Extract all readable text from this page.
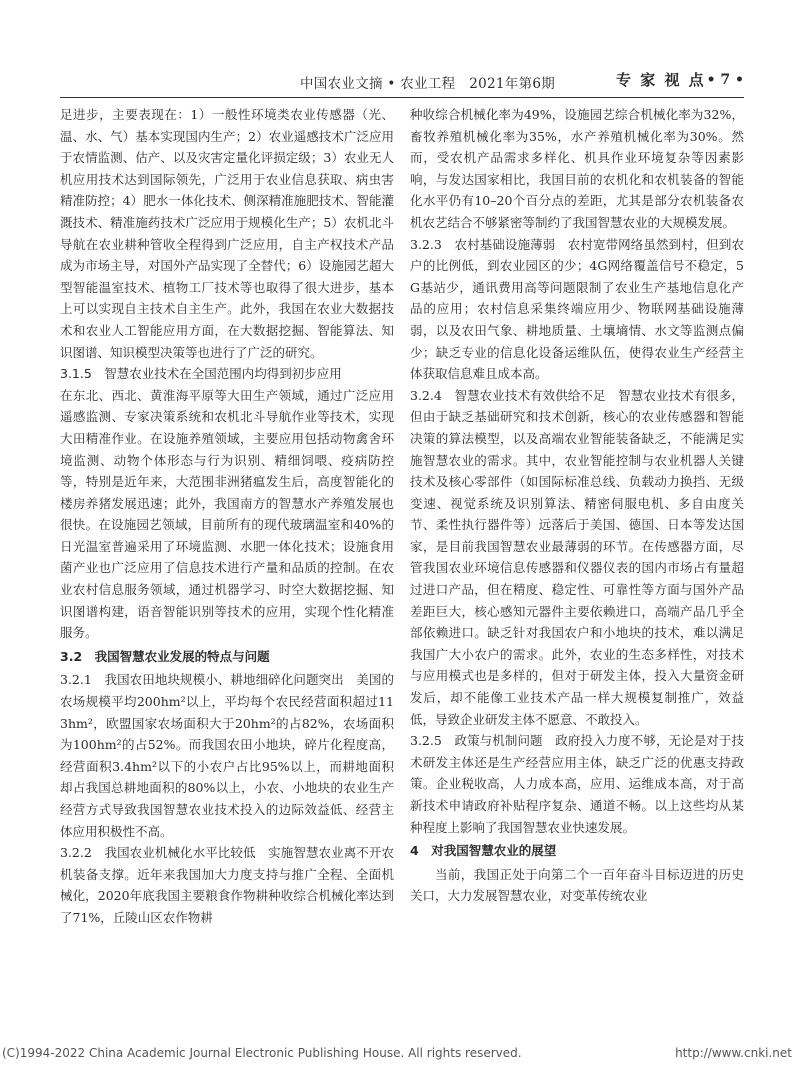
中国农业文摘 • 农业工程　2021年第6期	专 家 视 点 • 7 •

足进步，主要表现在：1）一般性环境类农业传感器（光、温、水、气）基本实现国内生产；2）农业遥感技术广泛应用于农情监测、估产、以及灾害定量化评损定级；3）农业无人机应用技术达到国际领先，广泛用于农业信息获取、病虫害精准防控；4）肥水一体化技术、侧深精准施肥技术、智能灌溉技术、精准施药技术广泛应用于规模化生产；5）农机北斗导航在农业耕种管收全程得到广泛应用，自主产权技术产品成为市场主导，对国外产品实现了全替代；6）设施园艺超大型智能温室技术、植物工厂技术等也取得了很大进步，基本上可以实现自主技术自主生产。此外，我国在农业大数据技术和农业人工智能应用方面，在大数据挖掘、智能算法、知识图谱、知识模型决策等也进行了广泛的研究。

3.1.5　智慧农业技术在全国范围内均得到初步应用

在东北、西北、黄淮海平原等大田生产领域，通过广泛应用遥感监测、专家决策系统和农机北斗导航作业等技术，实现大田精准作业。在设施养殖领域，主要应用包括动物禽舍环境监测、动物个体形态与行为识别、精细饲喂、疫病防控等，特别是近年来，大范围非洲猪瘟发生后，高度智能化的楼房养猪发展迅速；此外，我国南方的智慧水产养殖发展也很快。在设施园艺领域，目前所有的现代玻璃温室和40%的日光温室普遍采用了环境监测、水肥一体化技术；设施食用菌产业也广泛应用了信息技术进行产量和品质的控制。在农业农村信息服务领域，通过机器学习、时空大数据挖掘、知识图谱构建，语音智能识别等技术的应用，实现个性化精准服务。

3.2　我国智慧农业发展的特点与问题

3.2.1　我国农田地块规模小、耕地细碎化问题突出　美国的农场规模平均200hm²以上，平均每个农民经营面积超过113hm²，欧盟国家农场面积大于20hm²的占82%，农场面积为100hm²的占52%。而我国农田小地块，碎片化程度高，经营面积3.4hm²以下的小农户占比95%以上，而耕地面积却占我国总耕地面积的80%以上，小农、小地块的农业生产经营方式导致我国智慧农业技术投入的边际效益低、经营主体应用积极性不高。

3.2.2　我国农业机械化水平比较低　实施智慧农业离不开农机装备支撑。近年来我国加大力度支持与推广全程、全面机械化，2020年底我国主要粮食作物耕种收综合机械化率达到了71%，丘陵山区农作物耕

种收综合机械化率为49%，设施园艺综合机械化率为32%，畜牧养殖机械化率为35%，水产养殖机械化率为30%。然而，受农机产品需求多样化、机具作业环境复杂等因素影响，与发达国家相比，我国目前的农机化和农机装备的智能化水平仍有10–20个百分点的差距，尤其是部分农机装备农机农艺结合不够紧密等制约了我国智慧农业的大规模发展。

3.2.3　农村基础设施薄弱　农村宽带网络虽然到村，但到农户的比例低，到农业园区的少；4G网络覆盖信号不稳定，5G基站少，通讯费用高等问题限制了农业生产基地信息化产品的应用；农村信息采集终端应用少、物联网基础设施薄弱，以及农田气象、耕地质量、土壤墒情、水文等监测点偏少；缺乏专业的信息化设备运维队伍，使得农业生产经营主体获取信息难且成本高。

3.2.4　智慧农业技术有效供给不足　智慧农业技术有很多，但由于缺乏基础研究和技术创新，核心的农业传感器和智能决策的算法模型，以及高端农业智能装备缺乏，不能满足实施智慧农业的需求。其中，农业智能控制与农业机器人关键技术及核心零部件（如国际标准总线、负载动力换挡、无级变速、视觉系统及识别算法、精密伺服电机、多自由度关节、柔性执行器件等）远落后于美国、德国、日本等发达国家，是目前我国智慧农业最薄弱的环节。在传感器方面，尽管我国农业环境信息传感器和仪器仪表的国内市场占有量超过进口产品，但在精度、稳定性、可靠性等方面与国外产品差距巨大，核心感知元器件主要依赖进口，高端产品几乎全部依赖进口。缺乏针对我国农户和小地块的技术，难以满足我国广大小农户的需求。此外，农业的生态多样性，对技术与应用模式也是多样的，但对于研发主体，投入大量资金研发后，却不能像工业技术产品一样大规模复制推广，效益低，导致企业研发主体不愿意、不敢投入。

3.2.5　政策与机制问题　政府投入力度不够，无论是对于技术研发主体还是生产经营应用主体，缺乏广泛的优惠支持政策。企业税收高，人力成本高，应用、运维成本高，对于高新技术申请政府补贴程序复杂、通道不畅。以上这些均从某种程度上影响了我国智慧农业快速发展。

4　对我国智慧农业的展望

当前，我国正处于向第二个一百年奋斗目标迈进的历史关口，大力发展智慧农业，对变革传统农业

(C)1994-2022 China Academic Journal Electronic Publishing House. All rights reserved.	http://www.cnki.net
